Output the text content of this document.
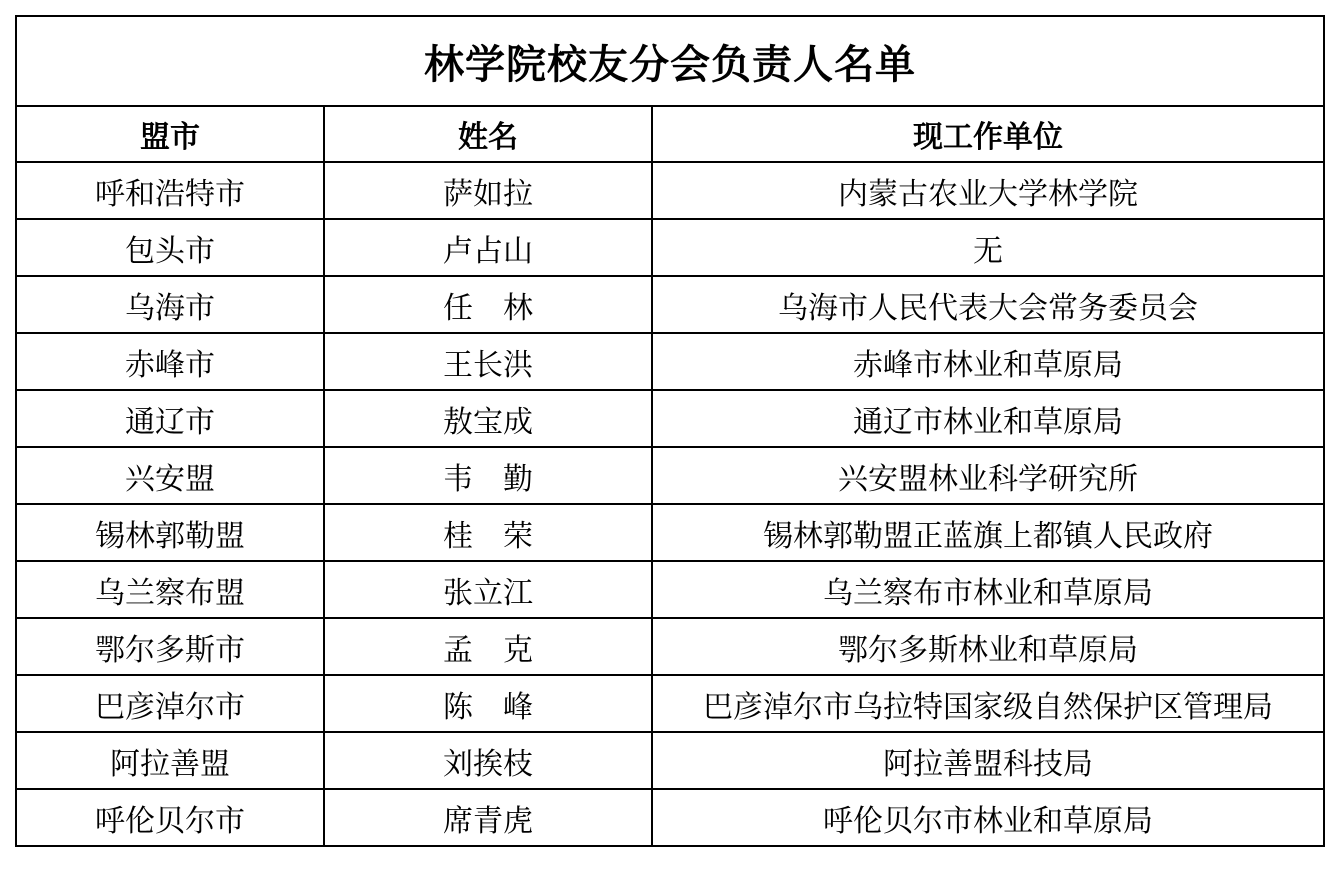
林学院校友分会负责人名单		
盟市	姓名	现工作单位
呼和浩特市	萨如拉	内蒙古农业大学林学院
包头市	卢占山	无
乌海市	任　林	乌海市人民代表大会常务委员会
赤峰市	王长洪	赤峰市林业和草原局
通辽市	敖宝成	通辽市林业和草原局
兴安盟	韦　勤	兴安盟林业科学研究所
锡林郭勒盟	桂　荣	锡林郭勒盟正蓝旗上都镇人民政府
乌兰察布盟	张立江	乌兰察布市林业和草原局
鄂尔多斯市	孟　克	鄂尔多斯林业和草原局
巴彦淖尔市	陈　峰	巴彦淖尔市乌拉特国家级自然保护区管理局
阿拉善盟	刘挨枝	阿拉善盟科技局
呼伦贝尔市	席青虎	呼伦贝尔市林业和草原局
